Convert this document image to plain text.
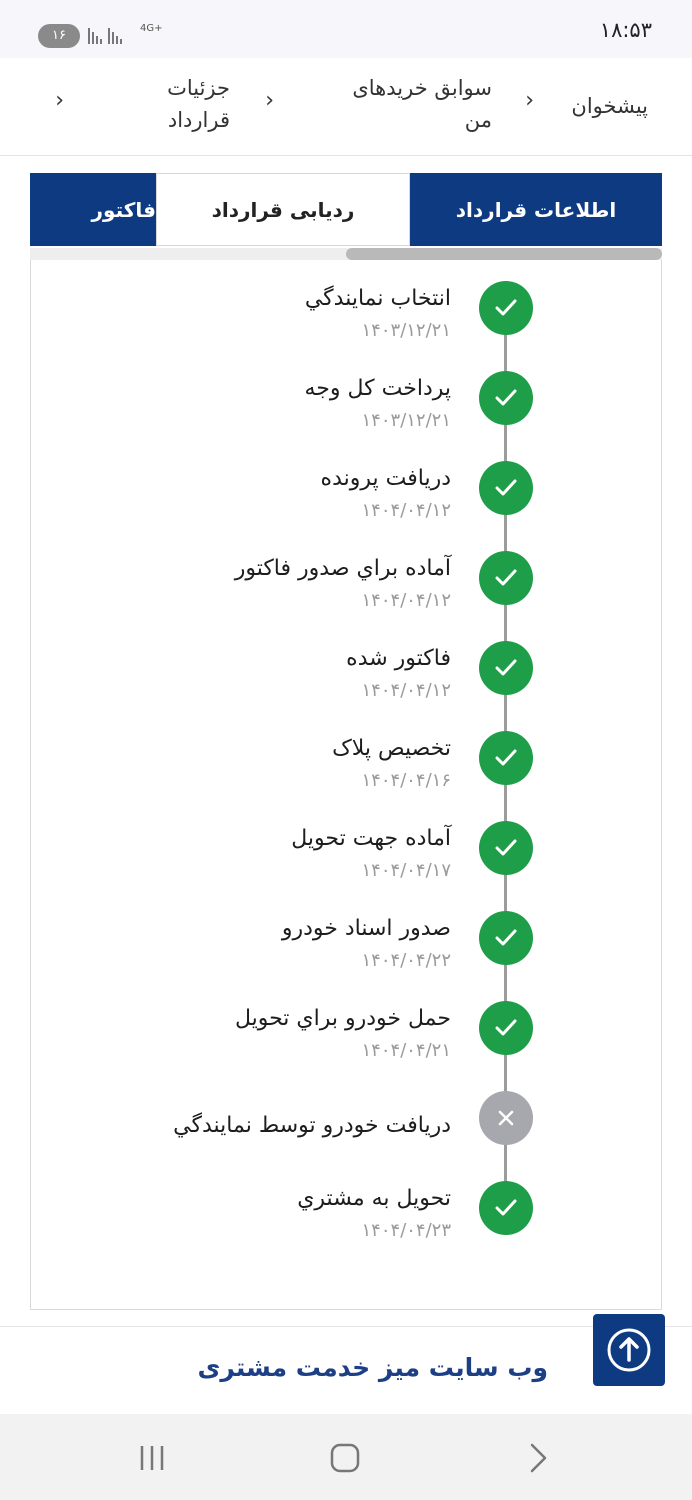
۱۶	4G+	۱۸:۵۳
پیشخوان
›
سوابق خریدهای من
›
جزئیات قرارداد
›
اطلاعات قرارداد
ردیابی قرارداد
فاکتور
انتخاب نمايندگي
۱۴۰۳/۱۲/۲۱
پرداخت كل وجه
۱۴۰۳/۱۲/۲۱
دريافت پرونده
۱۴۰۴/۰۴/۱۲
آماده براي صدور فاكتور
۱۴۰۴/۰۴/۱۲
فاكتور شده
۱۴۰۴/۰۴/۱۲
تخصيص پلاک
۱۴۰۴/۰۴/۱۶
آماده جهت تحويل
۱۴۰۴/۰۴/۱۷
صدور اسناد خودرو
۱۴۰۴/۰۴/۲۲
حمل خودرو براي تحويل
۱۴۰۴/۰۴/۲۱
دريافت خودرو توسط نمايندگي
تحويل به مشتري
۱۴۰۴/۰۴/۲۳
وب سایت میز خدمت مشتری
